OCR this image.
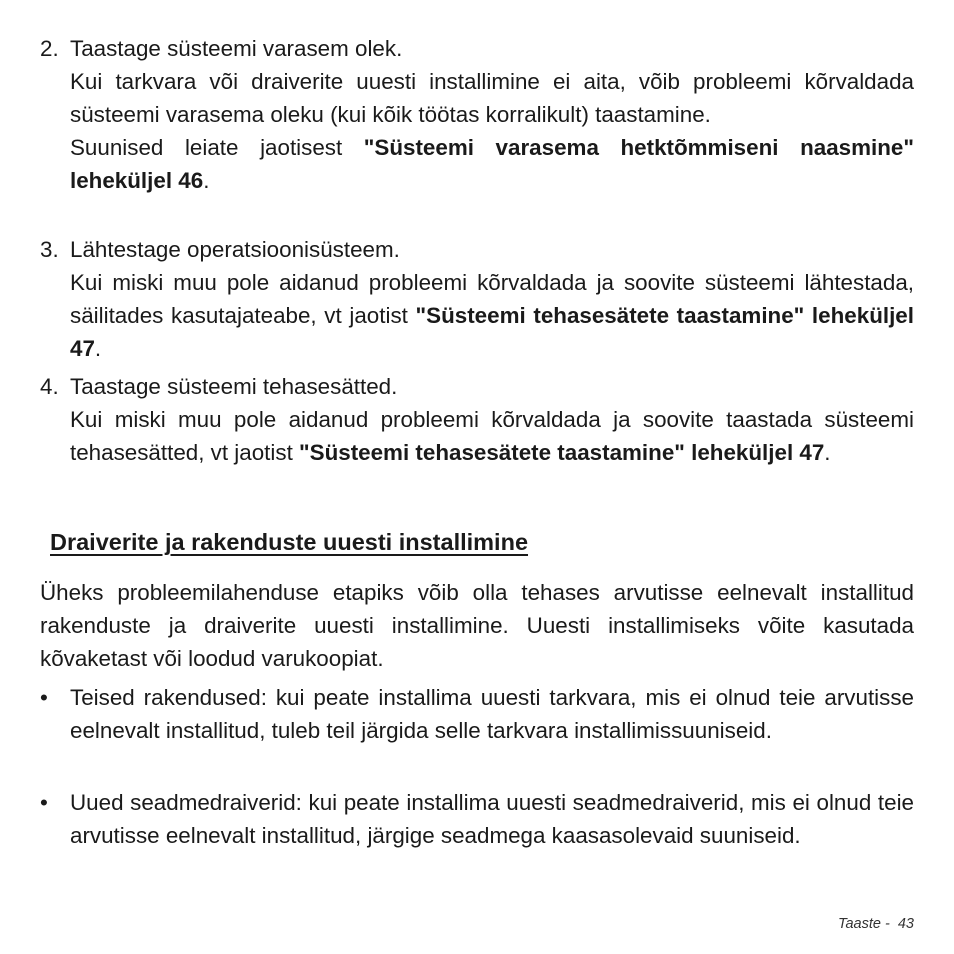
2. Taastage süsteemi varasem olek.

Kui tarkvara või draiverite uuesti installimine ei aita, võib probleemi kõrvaldada süsteemi varasema oleku (kui kõik töötas korralikult) taastamine.

Suunised leiate jaotisest "Süsteemi varasema hetktõmmiseni naasmine" leheküljel 46.

3. Lähtestage operatsioonisüsteem.

Kui miski muu pole aidanud probleemi kõrvaldada ja soovite süsteemi lähtestada, säilitades kasutajateabe, vt jaotist "Süsteemi tehasesätete taastamine" leheküljel 47.

4. Taastage süsteemi tehasesätted.

Kui miski muu pole aidanud probleemi kõrvaldada ja soovite taastada süsteemi tehasesätted, vt jaotist "Süsteemi tehasesätete taastamine" leheküljel 47.

Draiverite ja rakenduste uuesti installimine

Üheks probleemilahenduse etapiks võib olla tehases arvutisse eelnevalt installitud rakenduste ja draiverite uuesti installimine. Uuesti installimiseks võite kasutada kõvaketast või loodud varukoopiat.

• Teised rakendused: kui peate installima uuesti tarkvara, mis ei olnud teie arvutisse eelnevalt installitud, tuleb teil järgida selle tarkvara installimissuuniseid.
• Uued seadmedraiverid: kui peate installima uuesti seadmedraiverid, mis ei olnud teie arvutisse eelnevalt installitud, järgige seadmega kaasasolevaid suuniseid.
Taaste - 43
